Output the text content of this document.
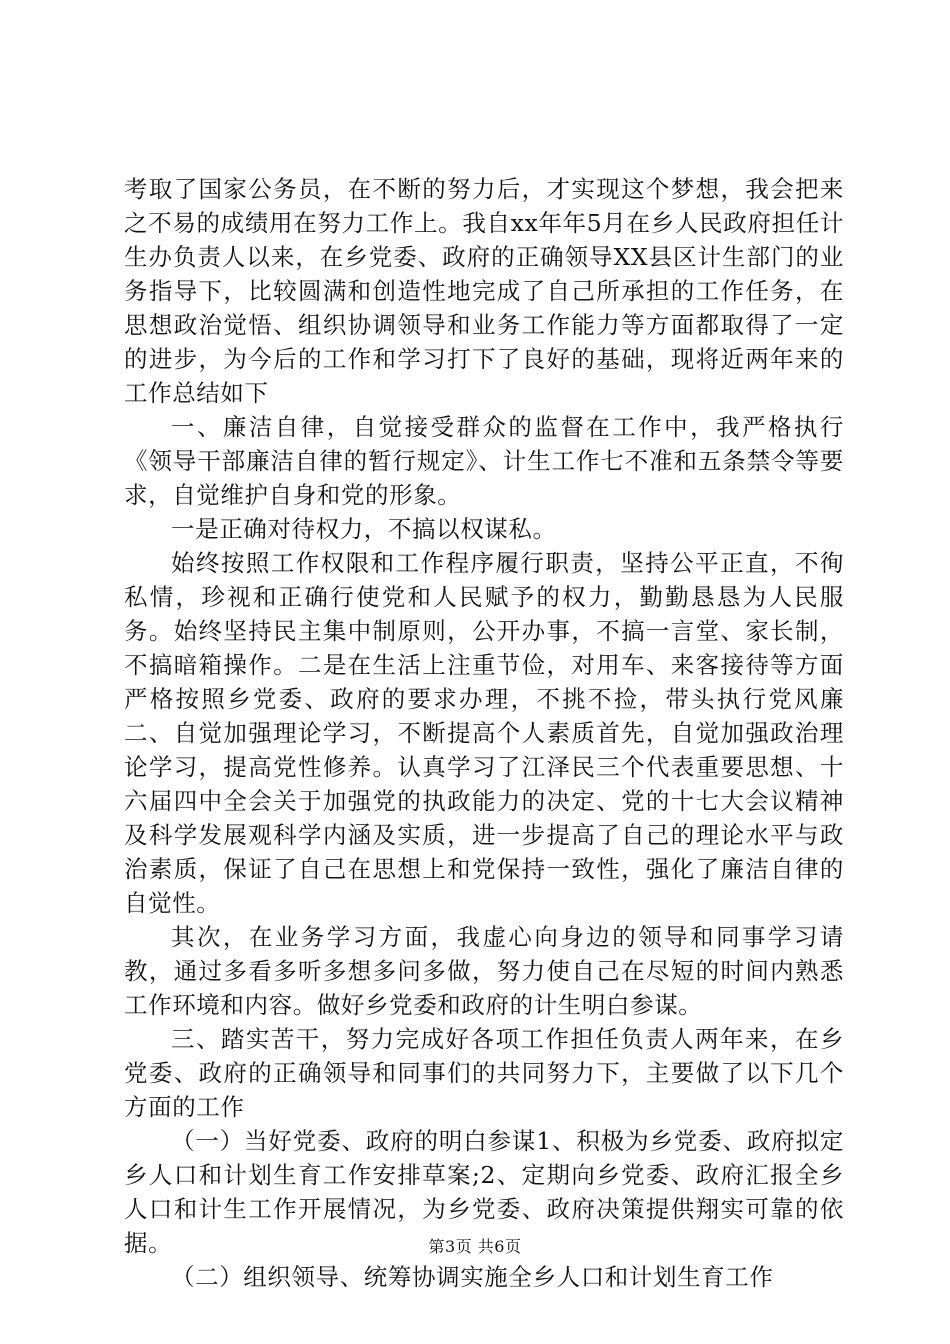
考取了国家公务员，在不断的努力后，才实现这个梦想，我会把来之不易的成绩用在努力工作上。我自xx年年5月在乡人民政府担任计生办负责人以来，在乡党委、政府的正确领导XX县区计生部门的业务指导下，比较圆满和创造性地完成了自己所承担的工作任务，在思想政治觉悟、组织协调领导和业务工作能力等方面都取得了一定的进步，为今后的工作和学习打下了良好的基础，现将近两年来的工作总结如下

一、廉洁自律，自觉接受群众的监督在工作中，我严格执行《领导干部廉洁自律的暂行规定》、计生工作七不准和五条禁令等要求，自觉维护自身和党的形象。

一是正确对待权力，不搞以权谋私。

始终按照工作权限和工作程序履行职责，坚持公平正直，不徇私情，珍视和正确行使党和人民赋予的权力，勤勤恳恳为人民服务。始终坚持民主集中制原则，公开办事，不搞一言堂、家长制，不搞暗箱操作。二是在生活上注重节俭，对用车、来客接待等方面严格按照乡党委、政府的要求办理，不挑不捡，带头执行党风廉二、自觉加强理论学习，不断提高个人素质首先，自觉加强政治理论学习，提高党性修养。认真学习了江泽民三个代表重要思想、十六届四中全会关于加强党的执政能力的决定、党的十七大会议精神及科学发展观科学内涵及实质，进一步提高了自己的理论水平与政治素质，保证了自己在思想上和党保持一致性，强化了廉洁自律的自觉性。

其次，在业务学习方面，我虚心向身边的领导和同事学习请教，通过多看多听多想多问多做，努力使自己在尽短的时间内熟悉工作环境和内容。做好乡党委和政府的计生明白参谋。

三、踏实苦干，努力完成好各项工作担任负责人两年来，在乡党委、政府的正确领导和同事们的共同努力下，主要做了以下几个方面的工作

（一）当好党委、政府的明白参谋1、积极为乡党委、政府拟定乡人口和计划生育工作安排草案;2、定期向乡党委、政府汇报全乡人口和计生工作开展情况，为乡党委、政府决策提供翔实可靠的依据。

（二）组织领导、统筹协调实施全乡人口和计划生育工作

第3页 共6页
